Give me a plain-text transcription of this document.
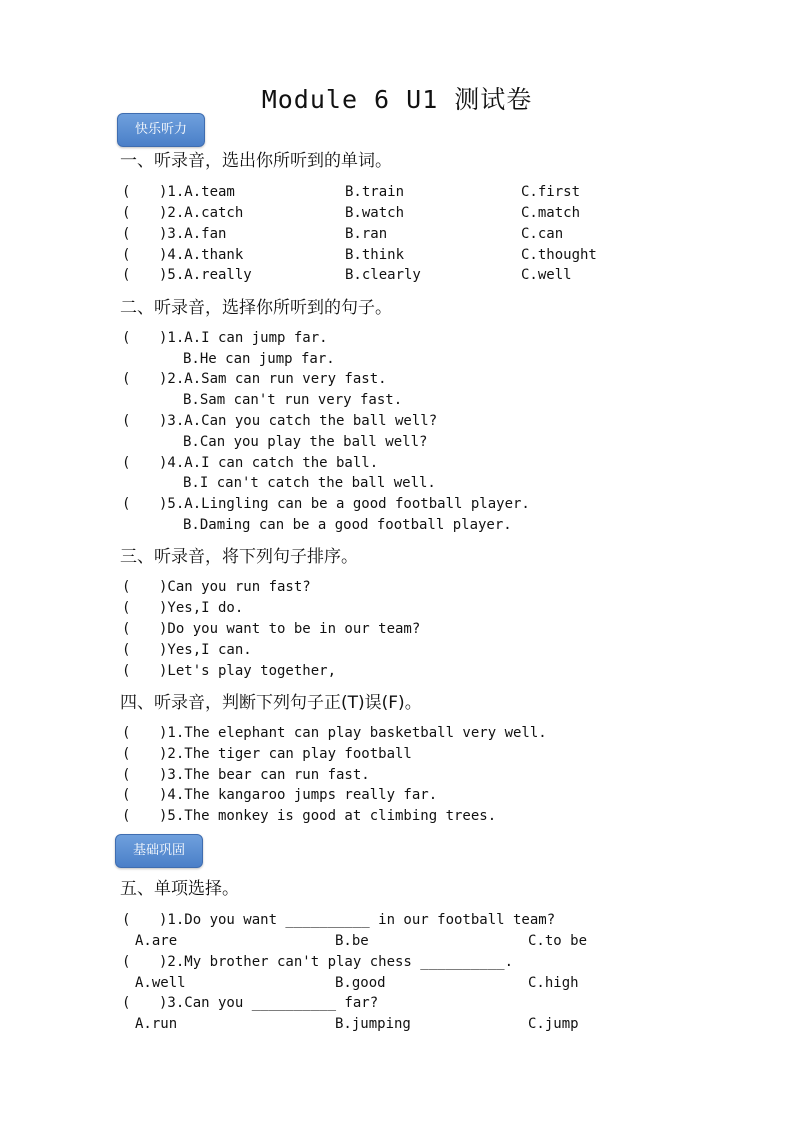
Module 6 U1 测试卷
快乐听力
一、听录音，选出你所听到的单词。
( )1.A.team	B.train	C.first
( )2.A.catch	B.watch	C.match
( )3.A.fan	B.ran	C.can
( )4.A.thank	B.think	C.thought
( )5.A.really	B.clearly	C.well
二、听录音，选择你所听到的句子。
( )1.A.I can jump far.
B.He can jump far.
( )2.A.Sam can run very fast.
B.Sam can't run very fast.
( )3.A.Can you catch the ball well?
B.Can you play the ball well?
( )4.A.I can catch the ball.
B.I can't catch the ball well.
( )5.A.Lingling can be a good football player.
B.Daming can be a good football player.
三、听录音，将下列句子排序。
( )Can you run fast?
( )Yes,I do.
( )Do you want to be in our team?
( )Yes,I can.
( )Let's play together,
四、听录音，判断下列句子正(T)误(F)。
( )1.The elephant can play basketball very well.
( )2.The tiger can play football
( )3.The bear can run fast.
( )4.The kangaroo jumps really far.
( )5.The monkey is good at climbing trees.
基础巩固
五、单项选择。
( )1.Do you want __________ in our football team?
A.are	B.be	C.to be
( )2.My brother can't play chess __________.
A.well	B.good	C.high
( )3.Can you __________ far?
A.run	B.jumping	C.jump
